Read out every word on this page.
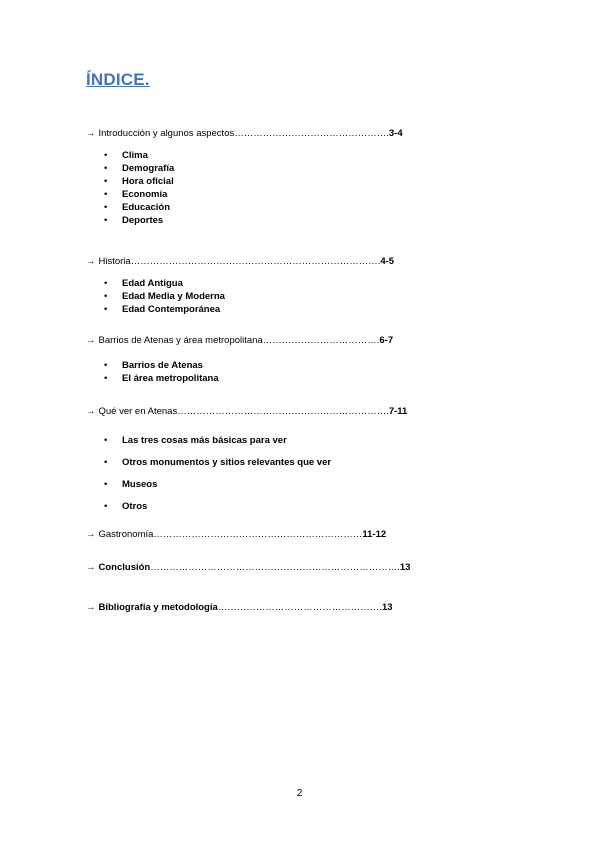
ÍNDICE.
→ Introducción y algunos aspectos………………………………………….3-4
• Clima
• Demografía
• Hora oficial
• Economía
• Educación
• Deportes
→ Historia…………………………………………………………………….4-5
• Edad Antigua
• Edad Media y Moderna
• Edad Contemporánea
→ Barrios de Atenas y área metropolitana……………………………….6-7
• Barrios de Atenas
• El área metropolitana
→ Qué ver en Atenas………………………………………………………….7-11
• Las tres cosas más básicas para ver
• Otros monumentos y sitios relevantes que ver
• Museos
• Otros
→ Gastronomía…………………………………………………………11-12
→ Conclusión…………………………………………………………………….13
→ Bibliografía y metodología…………………………………………….13
2
